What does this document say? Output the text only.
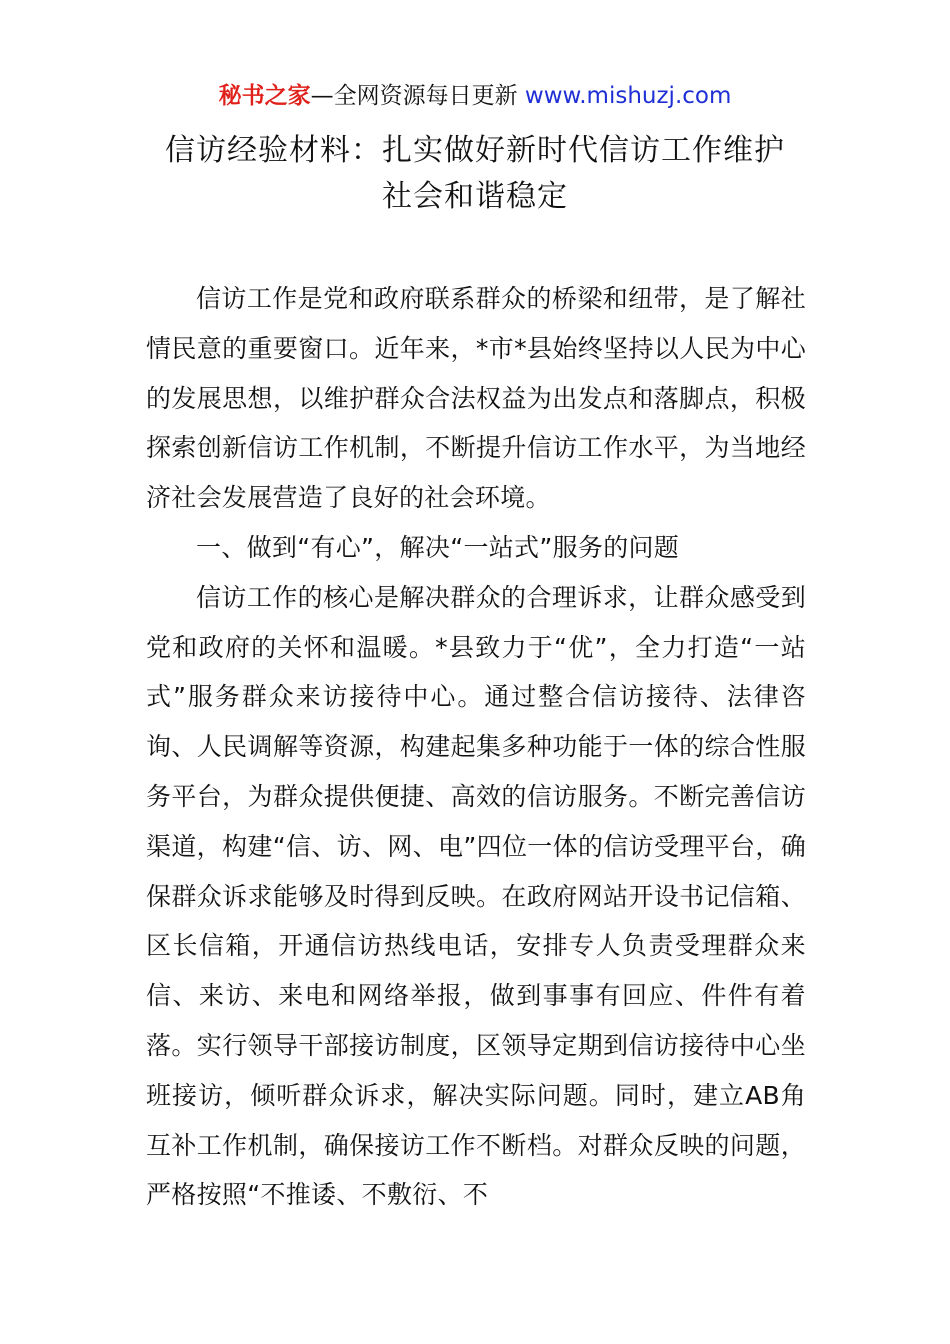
秘书之家—全网资源每日更新 www.mishuzj.com
信访经验材料：扎实做好新时代信访工作维护
社会和谐稳定

信访工作是党和政府联系群众的桥梁和纽带，是了解社情民意的重要窗口。近年来，*市*县始终坚持以人民为中心的发展思想，以维护群众合法权益为出发点和落脚点，积极探索创新信访工作机制，不断提升信访工作水平，为当地经济社会发展营造了良好的社会环境。

一、做到“有心”，解决“一站式”服务的问题

信访工作的核心是解决群众的合理诉求，让群众感受到党和政府的关怀和温暖。*县致力于“优”，全力打造“一站式”服务群众来访接待中心。通过整合信访接待、法律咨询、人民调解等资源，构建起集多种功能于一体的综合性服务平台，为群众提供便捷、高效的信访服务。不断完善信访渠道，构建“信、访、网、电”四位一体的信访受理平台，确保群众诉求能够及时得到反映。在政府网站开设书记信箱、区长信箱，开通信访热线电话，安排专人负责受理群众来信、来访、来电和网络举报，做到事事有回应、件件有着落。实行领导干部接访制度，区领导定期到信访接待中心坐班接访，倾听群众诉求，解决实际问题。同时，建立AB角互补工作机制，确保接访工作不断档。对群众反映的问题，严格按照“不推诿、不敷衍、不
